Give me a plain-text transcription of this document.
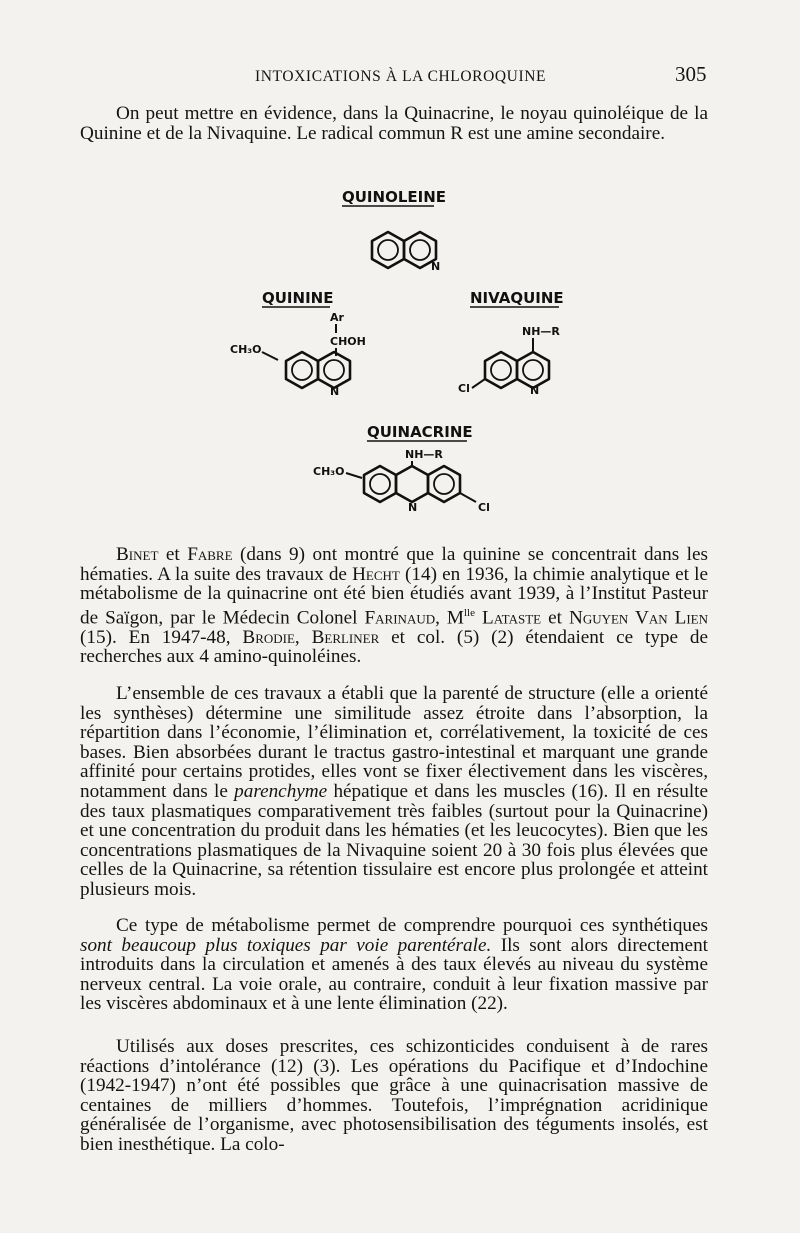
INTOXICATIONS À LA CHLOROQUINE	305

On peut mettre en évidence, dans la Quinacrine, le noyau quinoléique de la Quinine et de la Nivaquine. Le radical commun R est une amine secondaire.

QUINOLEINE
N
QUININE
Ar
CHOH
CH₃O
N
NIVAQUINE
NH—R
N
Cl
QUINACRINE
NH—R
CH₃O
N	Cl

Binet et Fabre (dans 9) ont montré que la quinine se concentrait dans les hématies. A la suite des travaux de Hecht (14) en 1936, la chimie analytique et le métabolisme de la quinacrine ont été bien étudiés avant 1939, à l’Institut Pasteur de Saïgon, par le Médecin Colonel Farinaud, $M^{lle}$ Lataste et Nguyen Van Lien (15). En 1947-48, Brodie, Berliner et col. (5) (2) étendaient ce type de recherches aux 4 amino-quinoléines.

L’ensemble de ces travaux a établi que la parenté de structure (elle a orienté les synthèses) détermine une similitude assez étroite dans l’absorption, la répartition dans l’économie, l’élimination et, corrélativement, la toxicité de ces bases. Bien absorbées durant le tractus gastro-intestinal et marquant une grande affinité pour certains protides, elles vont se fixer électivement dans les viscères, notamment dans le parenchyme hépatique et dans les muscles (16). Il en résulte des taux plasmatiques comparativement très faibles (surtout pour la Quinacrine) et une concentration du produit dans les hématies (et les leucocytes). Bien que les concentrations plasmatiques de la Nivaquine soient 20 à 30 fois plus élevées que celles de la Quinacrine, sa rétention tissulaire est encore plus prolongée et atteint plusieurs mois.

Ce type de métabolisme permet de comprendre pourquoi ces synthétiques sont beaucoup plus toxiques par voie parentérale. Ils sont alors directement introduits dans la circulation et amenés à des taux élevés au niveau du système nerveux central. La voie orale, au contraire, conduit à leur fixation massive par les viscères abdominaux et à une lente élimination (22).

Utilisés aux doses prescrites, ces schizonticides conduisent à de rares réactions d’intolérance (12) (3). Les opérations du Pacifique et d’Indochine (1942-1947) n’ont été possibles que grâce à une quinacrisation massive de centaines de milliers d’hommes. Toutefois, l’imprégnation acridinique généralisée de l’organisme, avec photosensibilisation des téguments insolés, est bien inesthétique. La colo-
